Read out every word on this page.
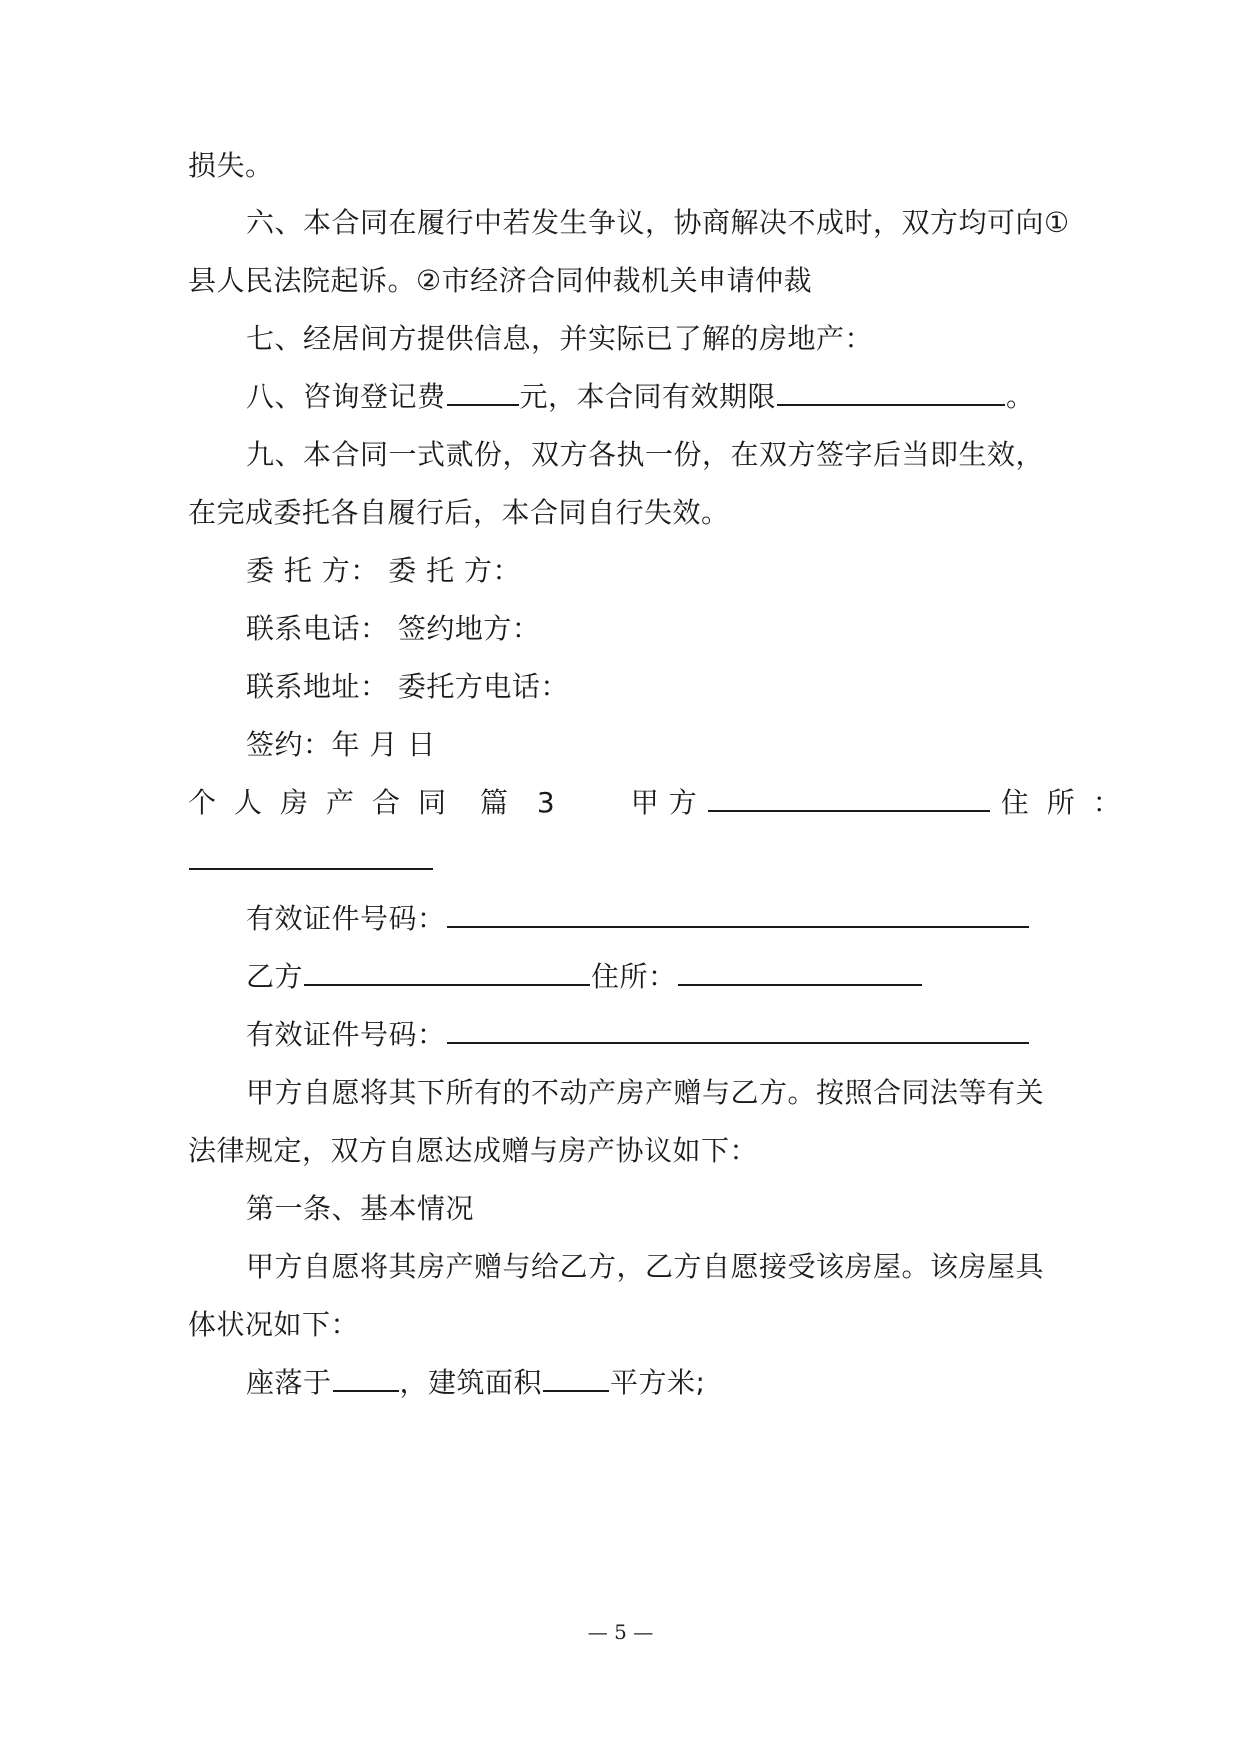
损失。
六、本合同在履行中若发生争议，协商解决不成时，双方均可向①
县人民法院起诉。②市经济合同仲裁机关申请仲裁
七、经居间方提供信息，并实际已了解的房地产：
八、咨询登记费	元，本合同有效期限	。
九、本合同一式贰份，双方各执一份，在双方签字后当即生效，
在完成委托各自履行后，本合同自行失效。
委 托 方： 委 托 方：
联系电话： 签约地方：
联系地址： 委托方电话：
签约：年 月 日
个人房产合同 篇 3 甲方	住所：
有效证件号码：
乙方	住所：
有效证件号码：
甲方自愿将其下所有的不动产房产赠与乙方。按照合同法等有关
法律规定，双方自愿达成赠与房产协议如下：
第一条、基本情况
甲方自愿将其房产赠与给乙方，乙方自愿接受该房屋。该房屋具
体状况如下：
座落于 ，建筑面积 平方米;
— 5 —
